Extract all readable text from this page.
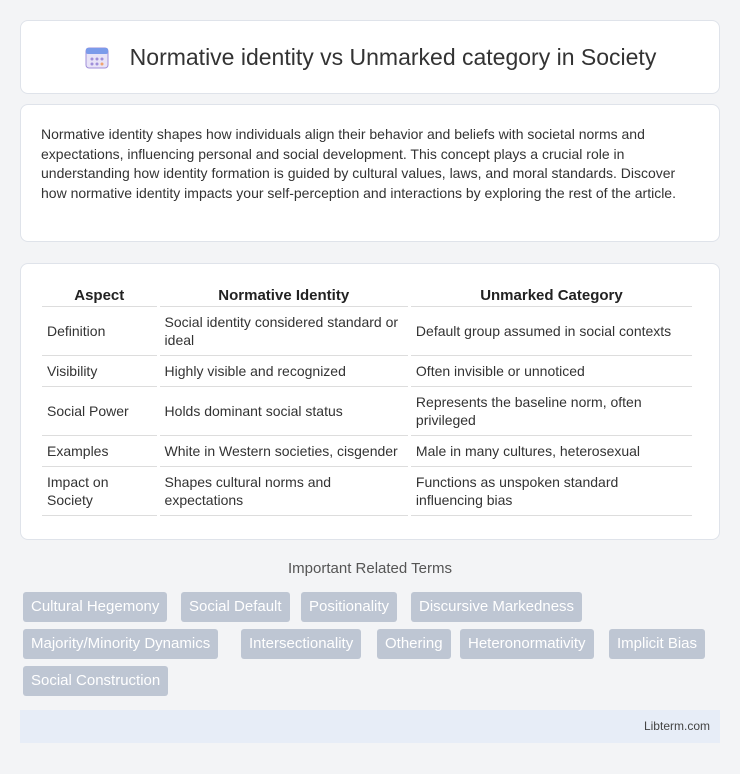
Normative identity vs Unmarked category in Society

Normative identity shapes how individuals align their behavior and beliefs with societal norms and expectations, influencing personal and social development. This concept plays a crucial role in understanding how identity formation is guided by cultural values, laws, and moral standards. Discover how normative identity impacts your self-perception and interactions by exploring the rest of the article.

Aspect	Normative Identity	Unmarked Category
Definition	Social identity considered standard or ideal	Default group assumed in social contexts
Visibility	Highly visible and recognized	Often invisible or unnoticed
Social Power	Holds dominant social status	Represents the baseline norm, often privileged
Examples	White in Western societies, cisgender	Male in many cultures, heterosexual
Impact on Society	Shapes cultural norms and expectations	Functions as unspoken standard influencing bias
Important Related Terms
Cultural Hegemony	Social Default	Positionality	Discursive Markedness
Majority/Minority Dynamics	Intersectionality	Othering	Heteronormativity	Implicit Bias
Social Construction
Libterm.com
